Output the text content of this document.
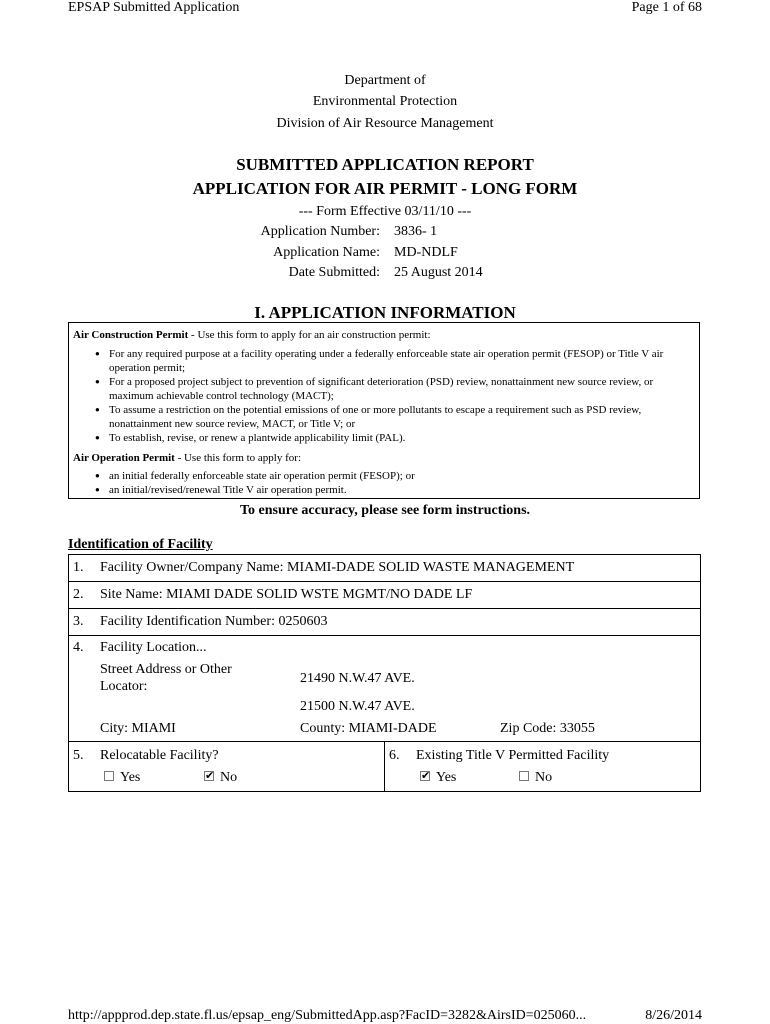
EPSAP Submitted Application	Page 1 of 68
Department of
Environmental Protection
Division of Air Resource Management
SUBMITTED APPLICATION REPORT
APPLICATION FOR AIR PERMIT - LONG FORM
--- Form Effective 03/11/10 ---
Application Number: 3836- 1
Application Name: MD-NDLF
Date Submitted: 25 August 2014
I. APPLICATION INFORMATION
Air Construction Permit - Use this form to apply for an air construction permit:
● For any required purpose at a facility operating under a federally enforceable state air operation permit (FESOP) or Title V air operation permit;
● For a proposed project subject to prevention of significant deterioration (PSD) review, nonattainment new source review, or maximum achievable control technology (MACT);
● To assume a restriction on the potential emissions of one or more pollutants to escape a requirement such as PSD review, nonattainment new source review, MACT, or Title V; or
● To establish, revise, or renew a plantwide applicability limit (PAL).
Air Operation Permit - Use this form to apply for:
● an initial federally enforceable state air operation permit (FESOP); or
● an initial/revised/renewal Title V air operation permit.
To ensure accuracy, please see form instructions.
Identification of Facility
1. Facility Owner/Company Name: MIAMI-DADE SOLID WASTE MANAGEMENT
2. Site Name: MIAMI DADE SOLID WSTE MGMT/NO DADE LF
3. Facility Identification Number: 0250603
4. Facility Location...
Street Address or Other
Locator:
21490 N.W.47 AVE.
21500 N.W.47 AVE.
City: MIAMI	County: MIAMI-DADE	Zip Code: 33055
5. Relocatable Facility?
Yes
✔	No
6. Existing Title V Permitted Facility
✔Yes	No
http://appprod.dep.state.fl.us/epsap_eng/SubmittedApp.asp?FacID=3282&AirsID=025060...	8/26/2014
